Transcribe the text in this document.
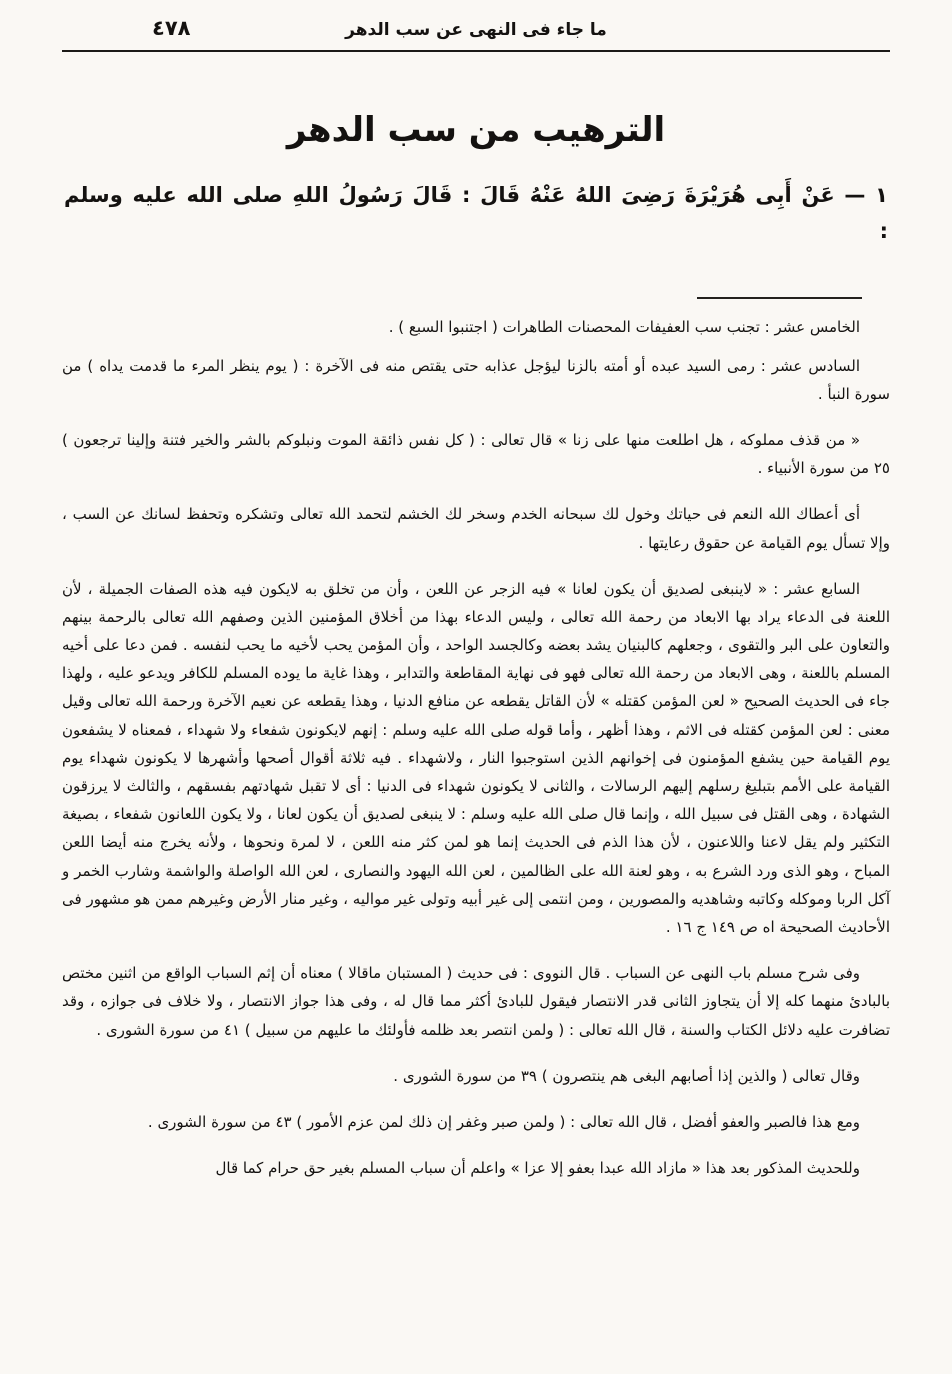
ما جاء فى النهى عن سب الدهر
٤٧٨
الترهيب من سب الدهر

١ — عَنْ أَبِى هُرَيْرَةَ رَضِىَ اللهُ عَنْهُ قَالَ : قَالَ رَسُولُ اللهِ صلى الله عليه وسلم :

الخامس عشر : تجنب سب العفيفات المحصنات الطاهرات ( اجتنبوا السبع ) .

السادس عشر : رمى السيد عبده أو أمته بالزنا ليؤجل عذابه حتى يقتص منه فى الآخرة : ( يوم ينظر المرء ما قدمت يداه ) من سورة النبأ .

« من قذف مملوكه ، هل اطلعت منها على زنا » قال تعالى : ( كل نفس ذائقة الموت ونبلوكم بالشر والخير فتنة وإلينا ترجعون ) ٢٥ من سورة الأنبياء .

أى أعطاك الله النعم فى حياتك وخول لك سبحانه الخدم وسخر لك الخشم لتحمد الله تعالى وتشكره وتحفظ لسانك عن السب ، وإلا تسأل يوم القيامة عن حقوق رعايتها .

السابع عشر : « لاينبغى لصديق أن يكون لعانا » فيه الزجر عن اللعن ، وأن من تخلق به لايكون فيه هذه الصفات الجميلة ، لأن اللعنة فى الدعاء يراد بها الابعاد من رحمة الله تعالى ، وليس الدعاء بهذا من أخلاق المؤمنين الذين وصفهم الله تعالى بالرحمة بينهم والتعاون على البر والتقوى ، وجعلهم كالبنيان يشد بعضه وكالجسد الواحد ، وأن المؤمن يحب لأخيه ما يحب لنفسه . فمن دعا على أخيه المسلم باللعنة ، وهى الابعاد من رحمة الله تعالى فهو فى نهاية المقاطعة والتدابر ، وهذا غاية ما يوده المسلم للكافر ويدعو عليه ، ولهذا جاء فى الحديث الصحيح « لعن المؤمن كقتله » لأن القاتل يقطعه عن منافع الدنيا ، وهذا يقطعه عن نعيم الآخرة ورحمة الله تعالى وقيل معنى : لعن المؤمن كقتله فى الاثم ، وهذا أظهر ، وأما قوله صلى الله عليه وسلم : إنهم لايكونون شفعاء ولا شهداء ، فمعناه لا يشفعون يوم القيامة حين يشفع المؤمنون فى إخوانهم الذين استوجبوا النار ، ولاشهداء . فيه ثلاثة أقوال أصحها وأشهرها لا يكونون شهداء يوم القيامة على الأمم بتبليغ رسلهم إليهم الرسالات ، والثانى لا يكونون شهداء فى الدنيا : أى لا تقبل شهادتهم بفسقهم ، والثالث لا يرزقون الشهادة ، وهى القتل فى سبيل الله ، وإنما قال صلى الله عليه وسلم : لا ينبغى لصديق أن يكون لعانا ، ولا يكون اللعانون شفعاء ، بصيغة التكثير ولم يقل لاعنا واللاعنون ، لأن هذا الذم فى الحديث إنما هو لمن كثر منه اللعن ، لا لمرة ونحوها ، ولأنه يخرج منه أيضا اللعن المباح ، وهو الذى ورد الشرع به ، وهو لعنة الله على الظالمين ، لعن الله اليهود والنصارى ، لعن الله الواصلة والواشمة وشارب الخمر و آكل الربا وموكله وكاتبه وشاهديه والمصورين ، ومن انتمى إلى غير أبيه وتولى غير مواليه ، وغير منار الأرض وغيرهم ممن هو مشهور فى الأحاديث الصحيحة اه ص ١٤٩ ج ١٦ .

وفى شرح مسلم باب النهى عن السباب . قال النووى : فى حديث ( المستبان ماقالا ) معناه أن إثم السباب الواقع من اثنين مختص بالبادئ منهما كله إلا أن يتجاوز الثانى قدر الانتصار فيقول للبادئ أكثر مما قال له ، وفى هذا جواز الانتصار ، ولا خلاف فى جوازه ، وقد تضافرت عليه دلائل الكتاب والسنة ، قال الله تعالى : ( ولمن انتصر بعد ظلمه فأولئك ما عليهم من سبيل ) ٤١ من سورة الشورى .

وقال تعالى ( والذين إذا أصابهم البغى هم ينتصرون ) ٣٩ من سورة الشورى .

ومع هذا فالصبر والعفو أفضل ، قال الله تعالى : ( ولمن صبر وغفر إن ذلك لمن عزم الأمور ) ٤٣ من سورة الشورى .

وللحديث المذكور بعد هذا « مازاد الله عبدا بعفو إلا عزا » واعلم أن سباب المسلم بغير حق حرام كما قال
